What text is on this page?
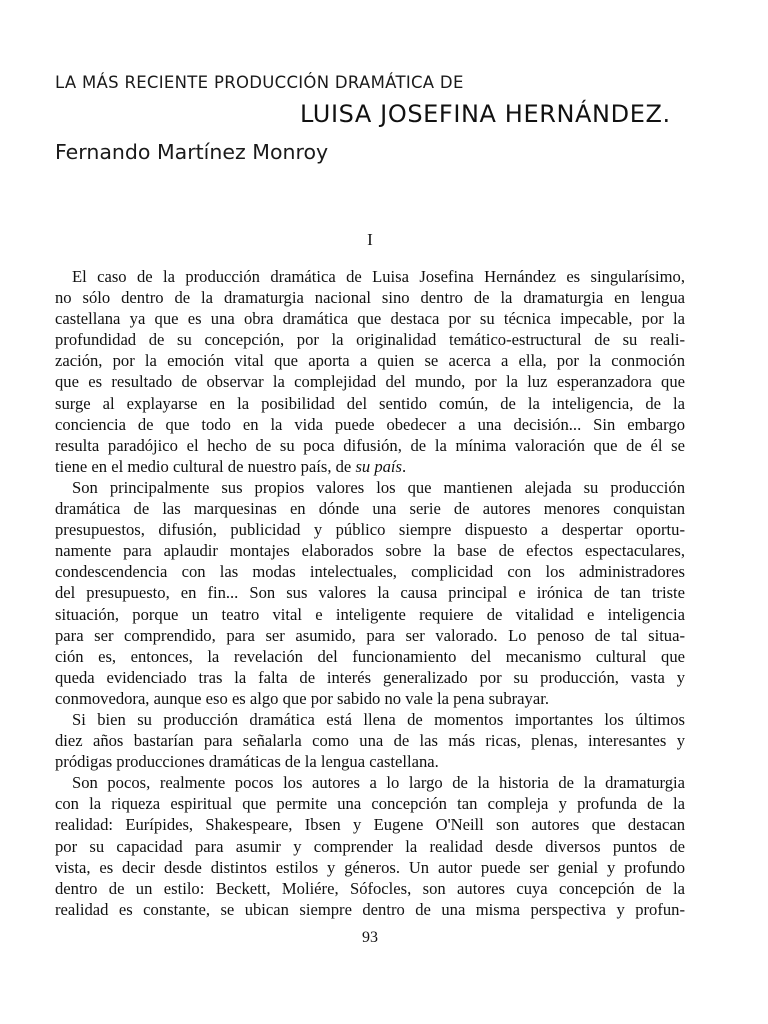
LA MÁS RECIENTE PRODUCCIÓN DRAMÁTICA DE
LUISA JOSEFINA HERNÁNDEZ.
Fernando Martínez Monroy
I
El caso de la producción dramática de Luisa Josefina Hernández es singularísimo,
no sólo dentro de la dramaturgia nacional sino dentro de la dramaturgia en lengua
castellana ya que es una obra dramática que destaca por su técnica impecable, por la
profundidad de su concepción, por la originalidad temático-estructural de su reali-
zación, por la emoción vital que aporta a quien se acerca a ella, por la conmoción
que es resultado de observar la complejidad del mundo, por la luz esperanzadora que
surge al explayarse en la posibilidad del sentido común, de la inteligencia, de la
conciencia de que todo en la vida puede obedecer a una decisión... Sin embargo
resulta paradójico el hecho de su poca difusión, de la mínima valoración que de él se
tiene en el medio cultural de nuestro país, de su país.
Son principalmente sus propios valores los que mantienen alejada su producción
dramática de las marquesinas en dónde una serie de autores menores conquistan
presupuestos, difusión, publicidad y público siempre dispuesto a despertar oportu-
namente para aplaudir montajes elaborados sobre la base de efectos espectaculares,
condescendencia con las modas intelectuales, complicidad con los administradores
del presupuesto, en fin... Son sus valores la causa principal e irónica de tan triste
situación, porque un teatro vital e inteligente requiere de vitalidad e inteligencia
para ser comprendido, para ser asumido, para ser valorado. Lo penoso de tal situa-
ción es, entonces, la revelación del funcionamiento del mecanismo cultural que
queda evidenciado tras la falta de interés generalizado por su producción, vasta y
conmovedora, aunque eso es algo que por sabido no vale la pena subrayar.
Si bien su producción dramática está llena de momentos importantes los últimos
diez años bastarían para señalarla como una de las más ricas, plenas, interesantes y
pródigas producciones dramáticas de la lengua castellana.
Son pocos, realmente pocos los autores a lo largo de la historia de la dramaturgia
con la riqueza espiritual que permite una concepción tan compleja y profunda de la
realidad: Eurípides, Shakespeare, Ibsen y Eugene O'Neill son autores que destacan
por su capacidad para asumir y comprender la realidad desde diversos puntos de
vista, es decir desde distintos estilos y géneros. Un autor puede ser genial y profundo
dentro de un estilo: Beckett, Moliére, Sófocles, son autores cuya concepción de la
realidad es constante, se ubican siempre dentro de una misma perspectiva y profun-
93
